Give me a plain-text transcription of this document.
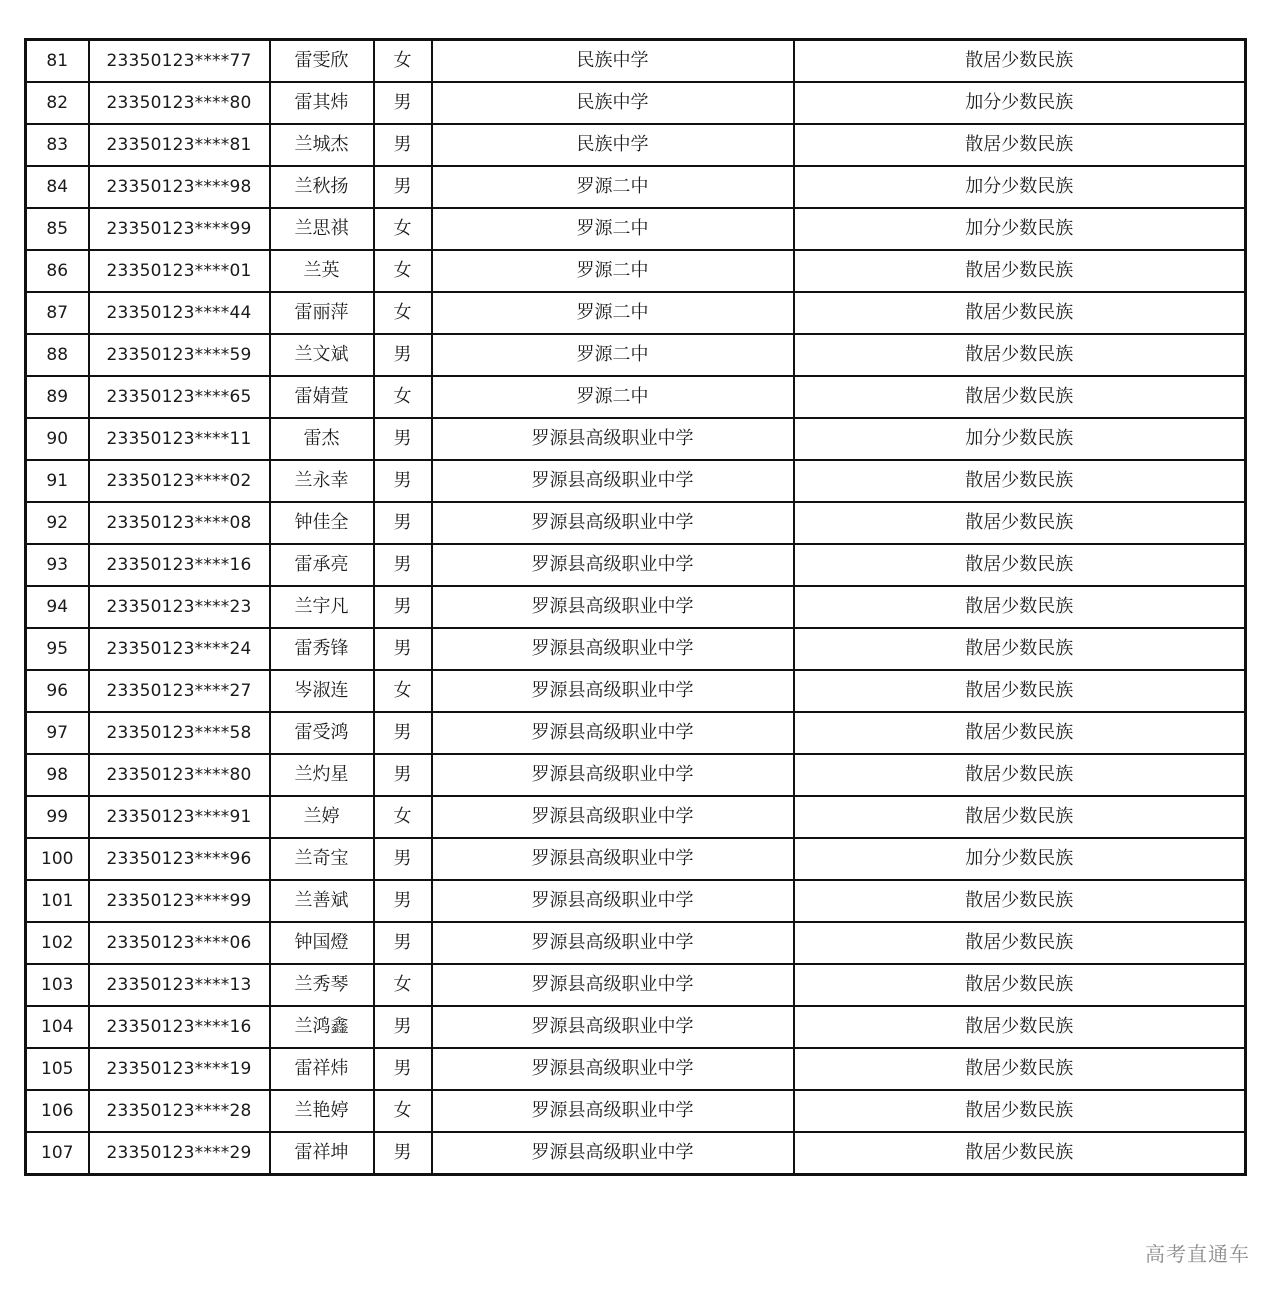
81	23350123****77	雷雯欣	女	民族中学	散居少数民族
82	23350123****80	雷其炜	男	民族中学	加分少数民族
83	23350123****81	兰城杰	男	民族中学	散居少数民族
84	23350123****98	兰秋扬	男	罗源二中	加分少数民族
85	23350123****99	兰思祺	女	罗源二中	加分少数民族
86	23350123****01	兰英	女	罗源二中	散居少数民族
87	23350123****44	雷丽萍	女	罗源二中	散居少数民族
88	23350123****59	兰文斌	男	罗源二中	散居少数民族
89	23350123****65	雷婧萱	女	罗源二中	散居少数民族
90	23350123****11	雷杰	男	罗源县高级职业中学	加分少数民族
91	23350123****02	兰永幸	男	罗源县高级职业中学	散居少数民族
92	23350123****08	钟佳全	男	罗源县高级职业中学	散居少数民族
93	23350123****16	雷承亮	男	罗源县高级职业中学	散居少数民族
94	23350123****23	兰宇凡	男	罗源县高级职业中学	散居少数民族
95	23350123****24	雷秀锋	男	罗源县高级职业中学	散居少数民族
96	23350123****27	岑淑连	女	罗源县高级职业中学	散居少数民族
97	23350123****58	雷受鸿	男	罗源县高级职业中学	散居少数民族
98	23350123****80	兰灼星	男	罗源县高级职业中学	散居少数民族
99	23350123****91	兰婷	女	罗源县高级职业中学	散居少数民族
100	23350123****96	兰奇宝	男	罗源县高级职业中学	加分少数民族
101	23350123****99	兰善斌	男	罗源县高级职业中学	散居少数民族
102	23350123****06	钟国燈	男	罗源县高级职业中学	散居少数民族
103	23350123****13	兰秀琴	女	罗源县高级职业中学	散居少数民族
104	23350123****16	兰鸿鑫	男	罗源县高级职业中学	散居少数民族
105	23350123****19	雷祥炜	男	罗源县高级职业中学	散居少数民族
106	23350123****28	兰艳婷	女	罗源县高级职业中学	散居少数民族
107	23350123****29	雷祥坤	男	罗源县高级职业中学	散居少数民族
高考直通车
